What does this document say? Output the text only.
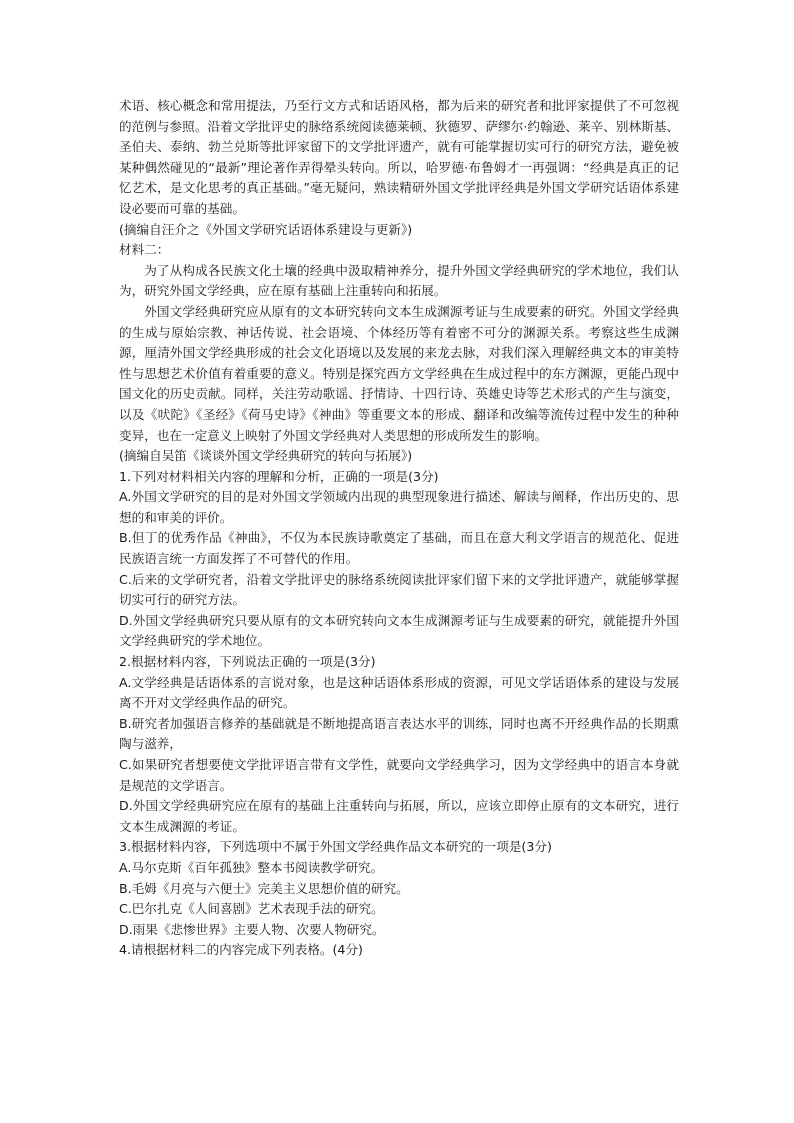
术语、核心概念和常用提法，乃至行文方式和话语风格，都为后来的研究者和批评家提供了不可忽视的范例与参照。沿着文学批评史的脉络系统阅读德莱顿、狄德罗、萨缪尔·约翰逊、莱辛、别林斯基、圣伯夫、泰纳、勃兰兑斯等批评家留下的文学批评遗产，就有可能掌握切实可行的研究方法，避免被某种偶然碰见的“最新”理论著作弄得晕头转向。所以，哈罗德·布鲁姆才一再强调：“经典是真正的记忆艺术，是文化思考的真正基础。”毫无疑问，熟读精研外国文学批评经典是外国文学研究话语体系建设必要而可靠的基础。

(摘编自汪介之《外国文学研究话语体系建设与更新》)

材料二：

为了从构成各民族文化土壤的经典中汲取精神养分，提升外国文学经典研究的学术地位，我们认为，研究外国文学经典，应在原有基础上注重转向和拓展。

外国文学经典研究应从原有的文本研究转向文本生成渊源考证与生成要素的研究。外国文学经典的生成与原始宗教、神话传说、社会语境、个体经历等有着密不可分的渊源关系。考察这些生成渊源，厘清外国文学经典形成的社会文化语境以及发展的来龙去脉，对我们深入理解经典文本的审美特性与思想艺术价值有着重要的意义。特别是探究西方文学经典在生成过程中的东方渊源，更能凸现中国文化的历史贡献。同样，关注劳动歌谣、抒情诗、十四行诗、英雄史诗等艺术形式的产生与演变，以及《吠陀》《圣经》《荷马史诗》《神曲》等重要文本的形成、翻译和改编等流传过程中发生的种种变异，也在一定意义上映射了外国文学经典对人类思想的形成所发生的影响。

(摘编自吴笛《谈谈外国文学经典研究的转向与拓展》)

1.下列对材料相关内容的理解和分析，正确的一项是(3分)

A.外国文学研究的目的是对外国文学领域内出现的典型现象进行描述、解读与阐释，作出历史的、思想的和审美的评价。

B.但丁的优秀作品《神曲》，不仅为本民族诗歌奠定了基础，而且在意大利文学语言的规范化、促进民族语言统一方面发挥了不可替代的作用。

C.后来的文学研究者，沿着文学批评史的脉络系统阅读批评家们留下来的文学批评遗产，就能够掌握切实可行的研究方法。

D.外国文学经典研究只要从原有的文本研究转向文本生成渊源考证与生成要素的研究，就能提升外国文学经典研究的学术地位。

2.根据材料内容，下列说法正确的一项是(3分)

A.文学经典是话语体系的言说对象，也是这种话语体系形成的资源，可见文学话语体系的建设与发展离不开对文学经典作品的研究。

B.研究者加强语言修养的基础就是不断地提高语言表达水平的训练，同时也离不开经典作品的长期熏陶与滋养，

C.如果研究者想要使文学批评语言带有文学性，就要向文学经典学习，因为文学经典中的语言本身就是规范的文学语言。

D.外国文学经典研究应在原有的基础上注重转向与拓展，所以，应该立即停止原有的文本研究，进行文本生成渊源的考证。

3.根据材料内容，下列选项中不属于外国文学经典作品文本研究的一项是(3分)

A.马尔克斯《百年孤独》整本书阅读教学研究。

B.毛姆《月亮与六便士》完美主义思想价值的研究。

C.巴尔扎克《人间喜剧》艺术表现手法的研究。

D.雨果《悲惨世界》主要人物、次要人物研究。

4.请根据材料二的内容完成下列表格。(4分)
